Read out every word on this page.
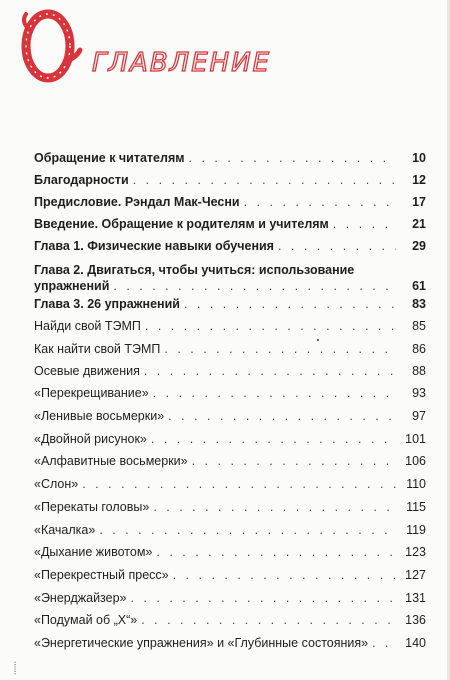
ГЛАВЛЕНИЕ
Обращение к читателям . . .	10
Благодарности . . .	12
Предисловие. Рэндал Мак-Чесни . . .	17
Введение. Обращение к родителям и учителям . . .	21
Глава 1. Физические навыки обучения . . .	29
Глава 2. Двигаться, чтобы учиться: использование
упражнений . . .	61
Глава 3. 26 упражнений . . .	83
Найди свой ТЭМП . . .	85
Как найти свой ТЭМП . . .	86
Осевые движения . . .	88
«Перекрещивание» . . .	93
«Ленивые восьмерки» . . .	97
«Двойной рисунок» . . .	101
«Алфавитные восьмерки» . . .	106
«Слон» . . .	110
«Перекаты головы» . . .	115
«Качалка» . . .	119
«Дыхание животом» . . .	123
«Перекрестный пресс» . . .	127
«Энерджайзер» . . .	131
«Подумай об „Х“» . . .	136
«Энергетические упражнения» и «Глубинные состояния» . . .	140
······
